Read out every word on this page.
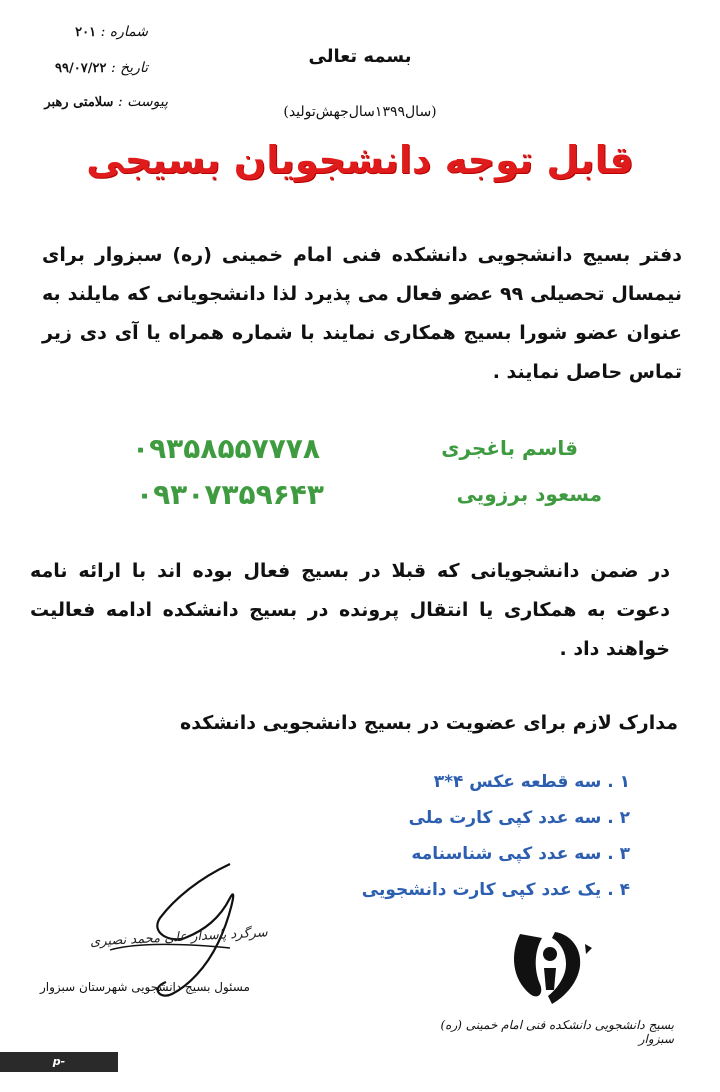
شماره : ۲۰۱
تاریخ : ۹۹/۰۷/۲۲
پیوست : سلامتی رهبر
بسمه تعالی
(سال۱۳۹۹سال‌جهش‌تولید)
قابل توجه دانشجویان بسیجی
دفتر بسیج دانشجویی دانشکده فنی امام خمینی (ره) سبزوار برای نیمسال تحصیلی ۹۹ عضو فعال می پذیرد لذا دانشجویانی که مایلند به عنوان عضو شورا بسیج همکاری نمایند با شماره همراه یا آی دی زیر تماس حاصل نمایند .
قاسم باغجری
۰۹۳۵۸۵۵۷۷۷۸
مسعود برزویی
۰۹۳۰۷۳۵۹۶۴۳
در ضمن دانشجویانی که قبلا در بسیج فعال بوده اند با ارائه نامه دعوت به همکاری یا انتقال پرونده در بسیج دانشکده ادامه فعالیت خواهند داد .
مدارک لازم برای عضویت در بسیج دانشجویی دانشکده
۱ . سه قطعه عکس ۴*۳
۲ . سه عدد کپی کارت ملی
۳ . سه عدد کپی شناسنامه
۴ . یک عدد کپی کارت دانشجویی
سرگرد پاسدار علی محمد نصیری
مسئول بسیج دانشجویی شهرستان سبزوار
بسیج دانشجویی دانشکده فنی امام خمینی (ره) سبزوار
p-sabzevar.tvu.ac.ir
